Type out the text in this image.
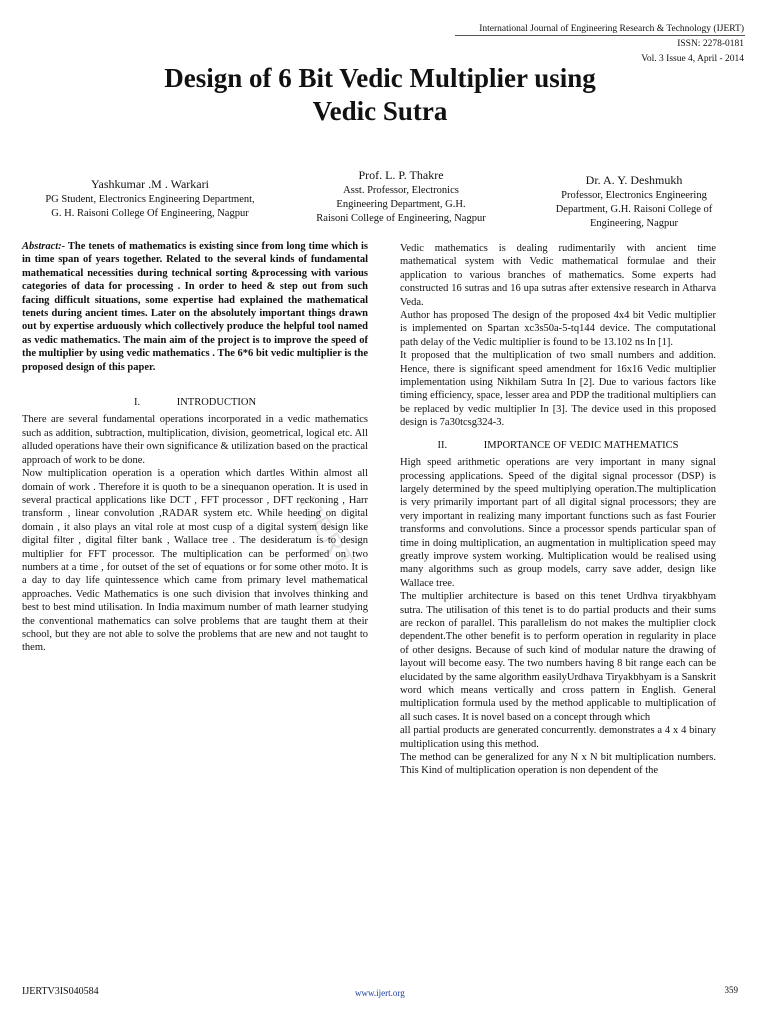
International Journal of Engineering Research & Technology (IJERT)
ISSN: 2278-0181
Vol. 3 Issue 4, April - 2014
Design of 6 Bit Vedic Multiplier using
Vedic Sutra
Yashkumar .M . Warkari
PG Student, Electronics Engineering Department,
G. H. Raisoni College Of Engineering, Nagpur
Prof. L. P. Thakre
Asst. Professor, Electronics
Engineering Department, G.H.
Raisoni College of Engineering, Nagpur
Dr. A. Y. Deshmukh
Professor, Electronics Engineering
Department, G.H. Raisoni College of
Engineering, Nagpur

Abstract:- The tenets of mathematics is existing since from long time which is in time span of years together. Related to the several kinds of fundamental mathematical necessities during technical sorting &processing with various categories of data for processing . In order to heed & step out from such facing difficult situations, some expertise had explained the mathematical tenets during ancient times. Later on the absolutely important things drawn out by expertise arduously which collectively produce the helpful tool named as vedic mathematics. The main aim of the project is to improve the speed of the multiplier by using vedic mathematics . The 6*6 bit vedic multiplier is the proposed design of this paper.

I.	INTRODUCTION

There are several fundamental operations incorporated in a vedic mathematics such as addition, subtraction, multiplication, division, geometrical, logical etc. All alluded operations have their own significance & utilization based on the practical approach of work to be done.

Now multiplication operation is a operation which dartles Within almost all domain of work . Therefore it is quoth to be a sinequanon operation. It is used in several practical applications like DCT , FFT processor , DFT reckoning , Harr transform , linear convolution ,RADAR system etc. While heeding on digital domain , it also plays an vital role at most cusp of a digital system design like digital filter , digital filter bank , Wallace tree . The desideratum is to design multiplier for FFT processor. The multiplication can be performed on two numbers at a time , for outset of the set of equations or for some other moto. It is a day to day life quintessence which came from primary level mathematical approaches. Vedic Mathematics is one such division that involves thinking and best to best mind utilisation. In India maximum number of math learner studying the conventional mathematics can solve problems that are taught them at their school, but they are not able to solve the problems that are new and not taught to them.

Vedic mathematics is dealing rudimentarily with ancient time mathematical system with Vedic mathematical formulae and their application to various branches of mathematics. Some experts had constructed 16 sutras and 16 upa sutras after extensive research in Atharva Veda.

Author has proposed The design of the proposed 4x4 bit Vedic multiplier is implemented on Spartan xc3s50a-5-tq144 device. The computational path delay of the Vedic multiplier is found to be 13.102 ns In [1].

It proposed that the multiplication of two small numbers and addition. Hence, there is significant speed amendment for 16x16 Vedic multiplier implementation using Nikhilam Sutra In [2]. Due to various factors like timing efficiency, space, lesser area and PDP the traditional multipliers can be replaced by vedic multiplier In [3]. The device used in this proposed design is 7a30tcsg324-3.

II.	IMPORTANCE OF VEDIC MATHEMATICS

High speed arithmetic operations are very important in many signal processing applications. Speed of the digital signal processor (DSP) is largely determined by the speed multiplying operation.The multiplication is very primarily important part of all digital signal processors; they are very important in realizing many important functions such as fast Fourier transforms and convolutions. Since a processor spends particular span of time in doing multiplication, an augmentation in multiplication speed may greatly improve system working. Multiplication would be realised using many algorithms such as group models, carry save adder, design like Wallace tree.

The multiplier architecture is based on this tenet Urdhva tiryakbhyam sutra. The utilisation of this tenet is to do partial products and their sums are reckon of parallel. This parallelism do not makes the multiplier clock dependent.The other benefit is to perform operation in regularity in place of other designs. Because of such kind of modular nature the drawing of layout will become easy. The two numbers having 8 bit range each can be elucidated by the same algorithm easilyUrdhava Tiryakbhyam is a Sanskrit word which means vertically and cross pattern in English. General multiplication formula used by the method applicable to multiplication of all such cases. It is novel based on a concept through which

all partial products are generated concurrently. demonstrates a 4 x 4 binary multiplication using this method.

The method can be generalized for any N x N bit multiplication numbers. This Kind of multiplication operation is non dependent of the

IJERT
IJERTV3IS040584	www.ijert.org	359
